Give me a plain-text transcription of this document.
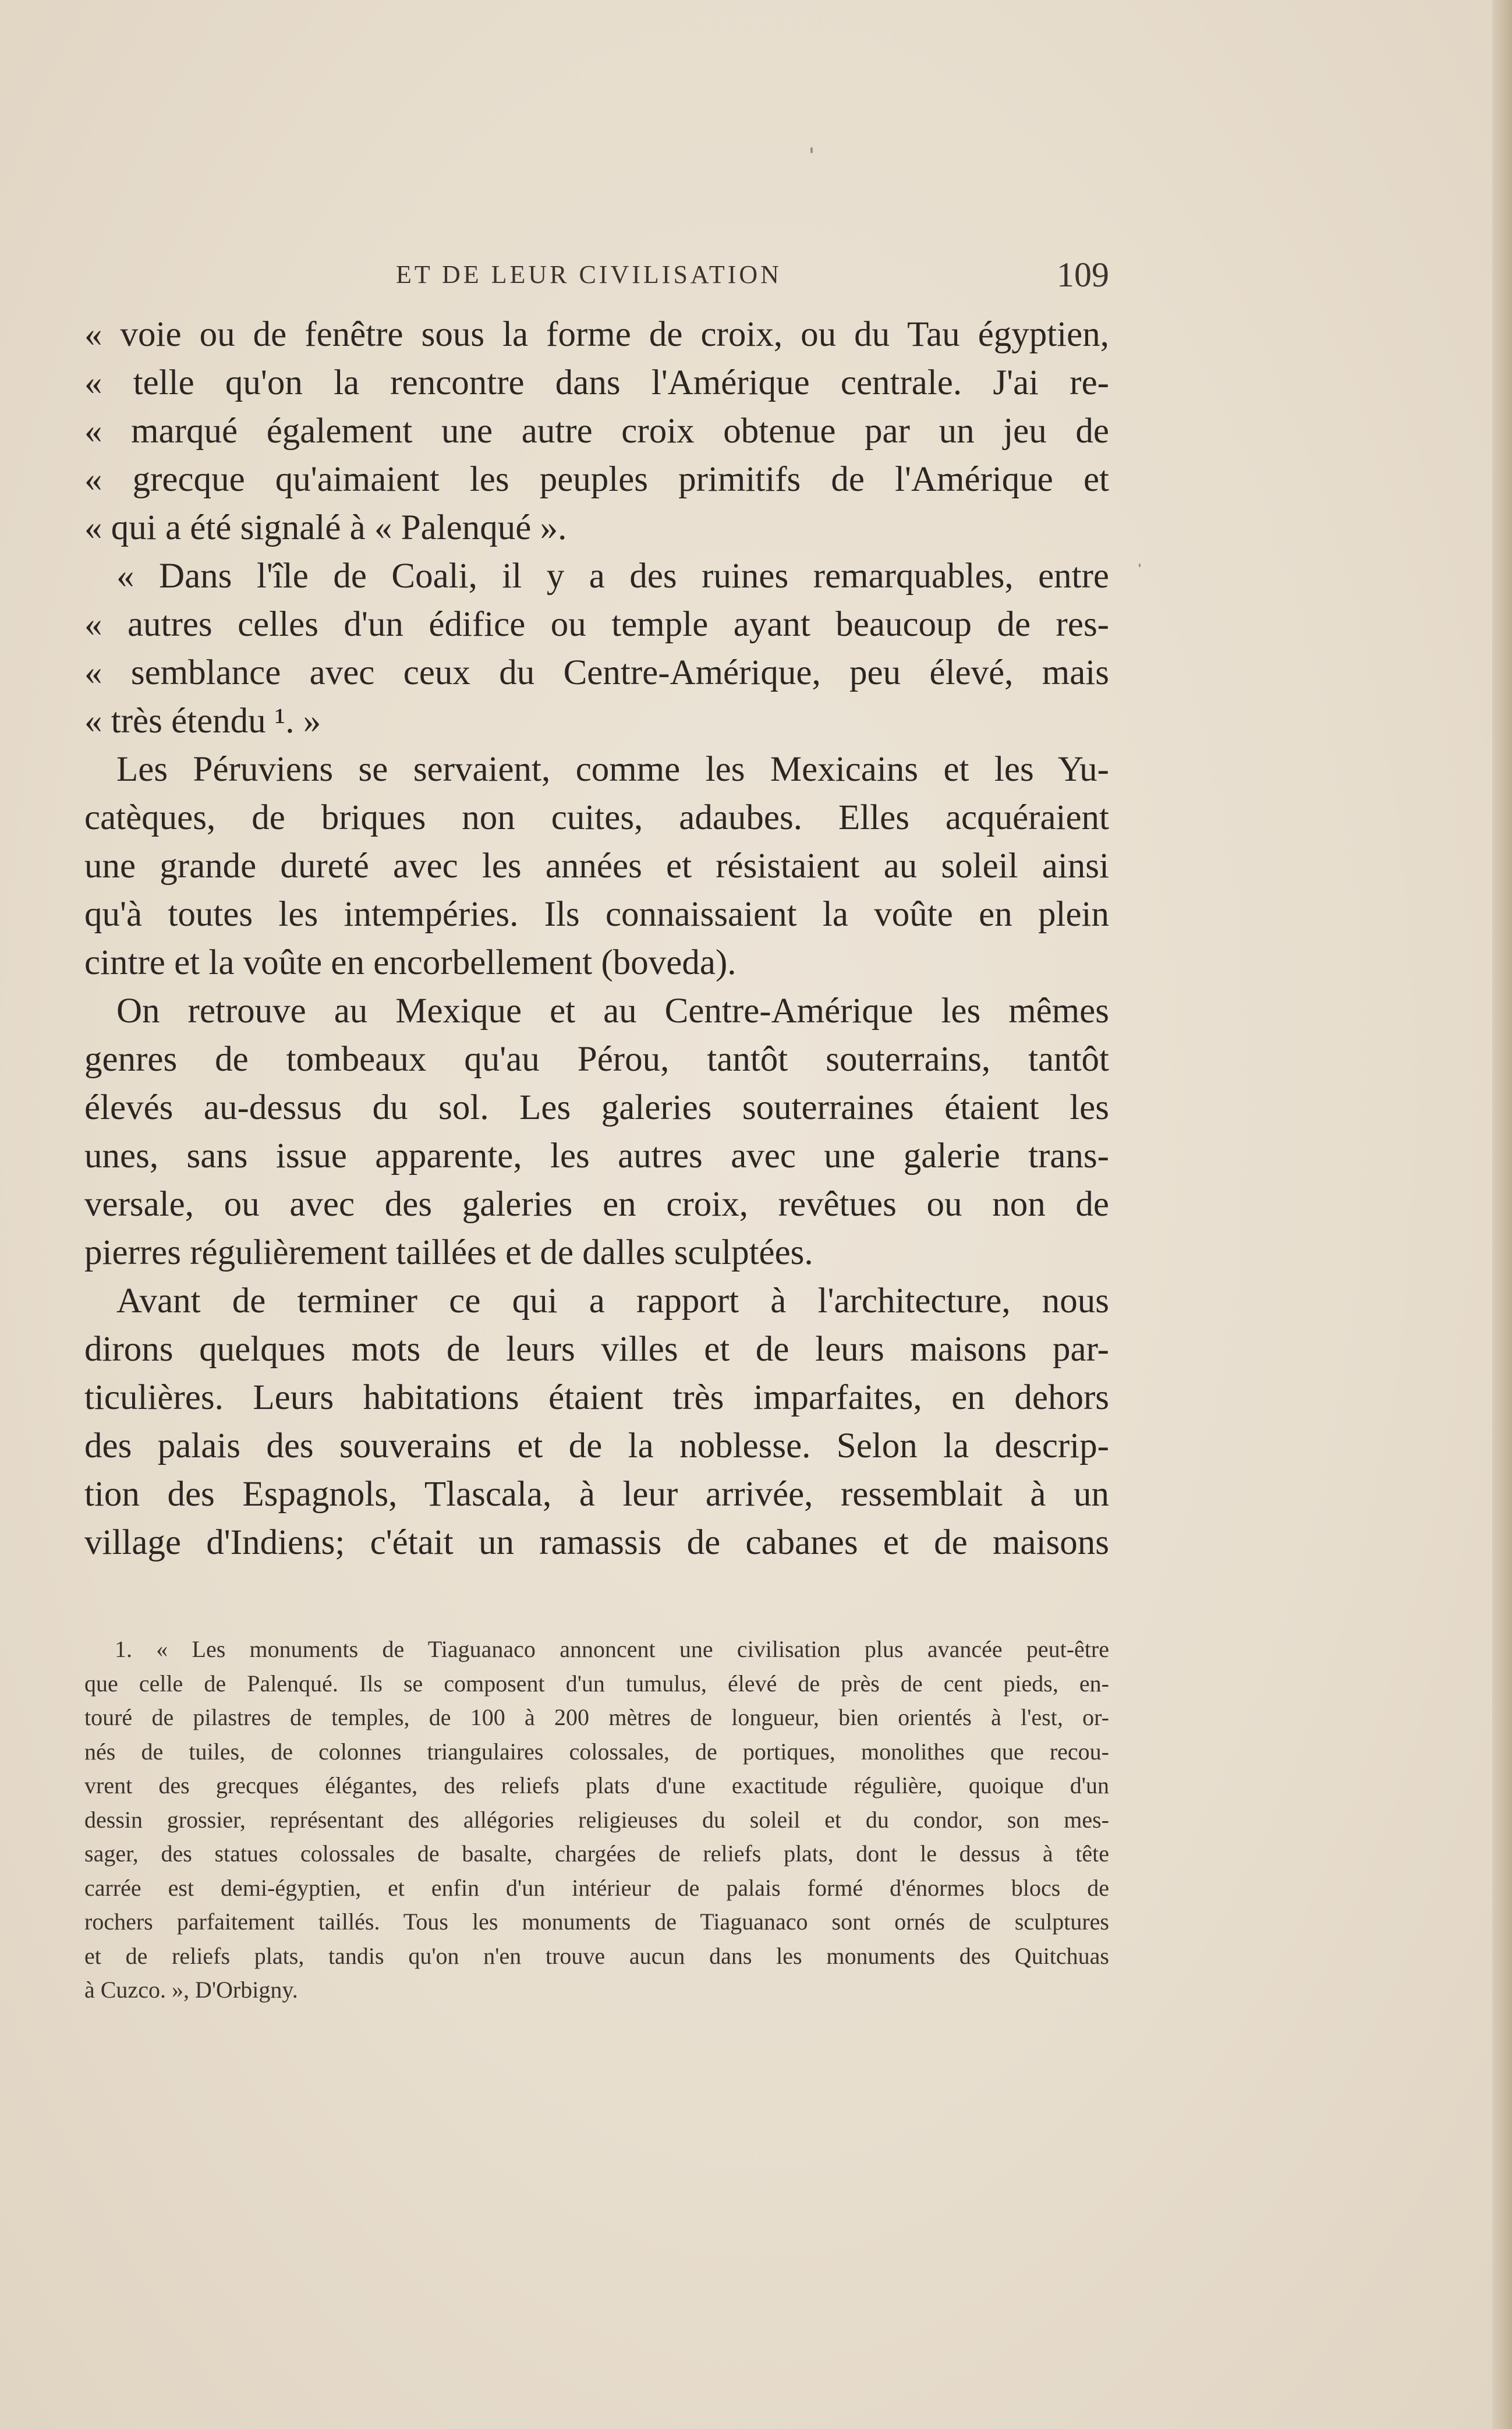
ET DE LEUR CIVILISATION	109
« voie ou de fenêtre sous la forme de croix, ou du Tau égyptien,
« telle qu'on la rencontre dans l'Amérique centrale. J'ai re-
« marqué également une autre croix obtenue par un jeu de
« grecque qu'aimaient les peuples primitifs de l'Amérique et
« qui a été signalé à « Palenqué ».
« Dans l'île de Coali, il y a des ruines remarquables, entre
« autres celles d'un édifice ou temple ayant beaucoup de res-
« semblance avec ceux du Centre-Amérique, peu élevé, mais
« très étendu ¹. »
Les Péruviens se servaient, comme les Mexicains et les Yu-
catèques, de briques non cuites, adaubes. Elles acquéraient
une grande dureté avec les années et résistaient au soleil ainsi
qu'à toutes les intempéries. Ils connaissaient la voûte en plein
cintre et la voûte en encorbellement (boveda).
On retrouve au Mexique et au Centre-Amérique les mêmes
genres de tombeaux qu'au Pérou, tantôt souterrains, tantôt
élevés au-dessus du sol. Les galeries souterraines étaient les
unes, sans issue apparente, les autres avec une galerie trans-
versale, ou avec des galeries en croix, revêtues ou non de
pierres régulièrement taillées et de dalles sculptées.
Avant de terminer ce qui a rapport à l'architecture, nous
dirons quelques mots de leurs villes et de leurs maisons par-
ticulières. Leurs habitations étaient très imparfaites, en dehors
des palais des souverains et de la noblesse. Selon la descrip-
tion des Espagnols, Tlascala, à leur arrivée, ressemblait à un
village d'Indiens; c'était un ramassis de cabanes et de maisons
1. « Les monuments de Tiaguanaco annoncent une civilisation plus avancée peut-être
que celle de Palenqué. Ils se composent d'un tumulus, élevé de près de cent pieds, en-
touré de pilastres de temples, de 100 à 200 mètres de longueur, bien orientés à l'est, or-
nés de tuiles, de colonnes triangulaires colossales, de portiques, monolithes que recou-
vrent des grecques élégantes, des reliefs plats d'une exactitude régulière, quoique d'un
dessin grossier, représentant des allégories religieuses du soleil et du condor, son mes-
sager, des statues colossales de basalte, chargées de reliefs plats, dont le dessus à tête
carrée est demi-égyptien, et enfin d'un intérieur de palais formé d'énormes blocs de
rochers parfaitement taillés. Tous les monuments de Tiaguanaco sont ornés de sculptures
et de reliefs plats, tandis qu'on n'en trouve aucun dans les monuments des Quitchuas
à Cuzco. », D'Orbigny.
